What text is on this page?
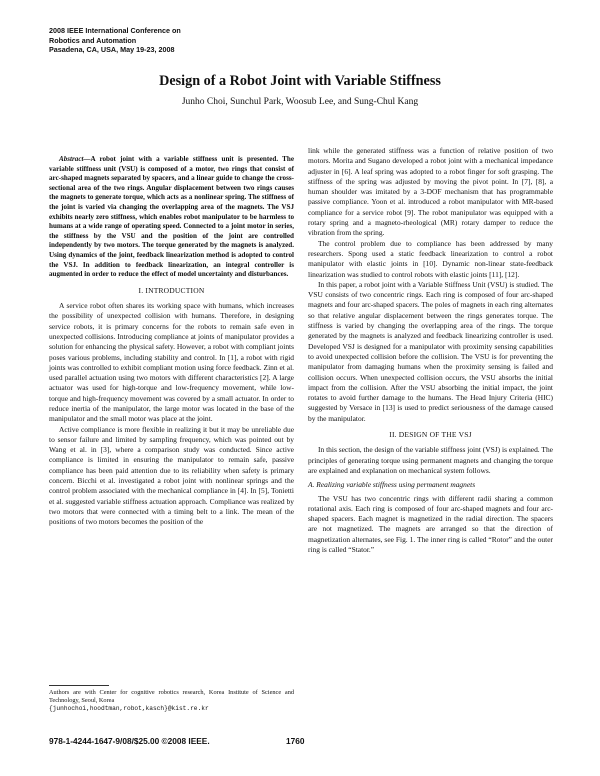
2008 IEEE International Conference on
Robotics and Automation
Pasadena, CA, USA, May 19-23, 2008
Design of a Robot Joint with Variable Stiffness
Junho Choi, Sunchul Park, Woosub Lee, and Sung-Chul Kang

Abstract—A robot joint with a variable stiffness unit is presented. The variable stiffness unit (VSU) is composed of a motor, two rings that consist of arc-shaped magnets separated by spacers, and a linear guide to change the cross-sectional area of the two rings. Angular displacement between two rings causes the magnets to generate torque, which acts as a nonlinear spring. The stiffness of the joint is varied via changing the overlapping area of the magnets. The VSJ exhibits nearly zero stiffness, which enables robot manipulator to be harmless to humans at a wide range of operating speed. Connected to a joint motor in series, the stiffness by the VSU and the position of the joint are controlled independently by two motors. The torque generated by the magnets is analyzed. Using dynamics of the joint, feedback linearization method is adopted to control the VSJ. In addition to feedback linearization, an integral controller is augmented in order to reduce the effect of model uncertainty and disturbances.

I. INTRODUCTION

A service robot often shares its working space with humans, which increases the possibility of unexpected collision with humans. Therefore, in designing service robots, it is primary concerns for the robots to remain safe even in unexpected collisions. Introducing compliance at joints of manipulator provides a solution for enhancing the physical safety. However, a robot with compliant joints poses various problems, including stability and control. In [1], a robot with rigid joints was controlled to exhibit compliant motion using force feedback. Zinn et al. used parallel actuation using two motors with different characteristics [2]. A large actuator was used for high-torque and low-frequency movement, while low-torque and high-frequency movement was covered by a small actuator. In order to reduce inertia of the manipulator, the large motor was located in the base of the manipulator and the small motor was place at the joint.

Active compliance is more flexible in realizing it but it may be unreliable due to sensor failure and limited by sampling frequency, which was pointed out by Wang et al. in [3], where a comparison study was conducted. Since active compliance is limited in ensuring the manipulator to remain safe, passive compliance has been paid attention due to its reliability when safety is primary concern. Bicchi et al. investigated a robot joint with nonlinear springs and the control problem associated with the mechanical compliance in [4]. In [5], Tonietti et al. suggested variable stiffness actuation approach. Compliance was realized by two motors that were connected with a timing belt to a link. The mean of the positions of two motors becomes the position of the

link while the generated stiffness was a function of relative position of two motors. Morita and Sugano developed a robot joint with a mechanical impedance adjuster in [6]. A leaf spring was adopted to a robot finger for soft grasping. The stiffness of the spring was adjusted by moving the pivot point. In [7], [8], a human shoulder was imitated by a 3-DOF mechanism that has programmable passive compliance. Yoon et al. introduced a robot manipulator with MR-based compliance for a service robot [9]. The robot manipulator was equipped with a rotary spring and a magneto-rheological (MR) rotary damper to reduce the vibration from the spring.

The control problem due to compliance has been addressed by many researchers. Spong used a static feedback linearization to control a robot manipulator with elastic joints in [10]. Dynamic non-linear state-feedback linearization was studied to control robots with elastic joints [11], [12].

In this paper, a robot joint with a Variable Stiffness Unit (VSU) is studied. The VSU consists of two concentric rings. Each ring is composed of four arc-shaped magnets and four arc-shaped spacers. The poles of magnets in each ring alternates so that relative angular displacement between the rings generates torque. The stiffness is varied by changing the overlapping area of the rings. The torque generated by the magnets is analyzed and feedback linearizing controller is used. Developed VSJ is designed for a manipulator with proximity sensing capabilities to avoid unexpected collision before the collision. The VSU is for preventing the manipulator from damaging humans when the proximity sensing is failed and collision occurs. When unexpected collision occurs, the VSU absorbs the initial impact from the collision. After the VSU absorbing the initial impact, the joint rotates to avoid further damage to the humans. The Head Injury Criteria (HIC) suggested by Versace in [13] is used to predict seriousness of the damage caused by the manipulator.

II. DESIGN OF THE VSJ

In this section, the design of the variable stiffness joint (VSJ) is explained. The principles of generating torque using permanent magnets and changing the torque are explained and explanation on mechanical system follows.

A. Realizing variable stiffness using permanent magnets

The VSU has two concentric rings with different radii sharing a common rotational axis. Each ring is composed of four arc-shaped magnets and four arc-shaped spacers. Each magnet is magnetized in the radial direction. The spacers are not magnetized. The magnets are arranged so that the direction of magnetization alternates, see Fig. 1. The inner ring is called “Rotor” and the outer ring is called “Stator.”

Authors are with Center for cognitive robotics research, Korea Institute of Science and Technology, Seoul, Korea
{junhochoi,hoodtman,robot,kasch}@kist.re.kr
978-1-4244-1647-9/08/$25.00 ©2008 IEEE.	1760
